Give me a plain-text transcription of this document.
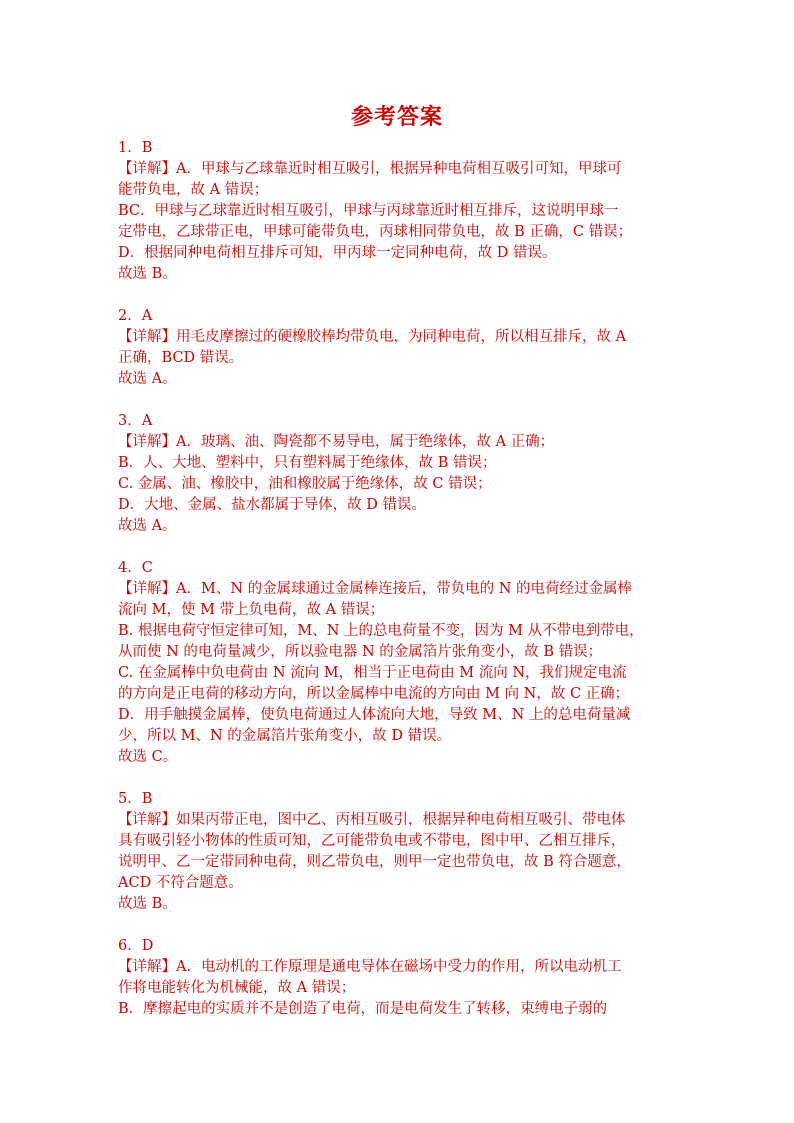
参考答案
1．B
【详解】A．甲球与乙球靠近时相互吸引，根据异种电荷相互吸引可知，甲球可
能带负电，故 A 错误；
BC．甲球与乙球靠近时相互吸引，甲球与丙球靠近时相互排斥，这说明甲球一
定带电，乙球带正电，甲球可能带负电，丙球相同带负电，故 B 正确，C 错误；
D．根据同种电荷相互排斥可知，甲丙球一定同种电荷，故 D 错误。
故选 B。
2．A
【详解】用毛皮摩擦过的硬橡胶棒均带负电，为同种电荷，所以相互排斥，故 A
正确，BCD 错误。
故选 A。
3．A
【详解】A．玻璃、油、陶瓷都不易导电，属于绝缘体，故 A 正确；
B．人、大地、塑料中，只有塑料属于绝缘体，故 B 错误；
C. 金属、油、橡胶中，油和橡胶属于绝缘体，故 C 错误；
D．大地、金属、盐水都属于导体，故 D 错误。
故选 A。
4．C
【详解】A．M、N 的金属球通过金属棒连接后，带负电的 N 的电荷经过金属棒
流向 M，使 M 带上负电荷，故 A 错误；
B. 根据电荷守恒定律可知，M、N 上的总电荷量不变，因为 M 从不带电到带电，
从而使 N 的电荷量减少，所以验电器 N 的金属箔片张角变小，故 B 错误；
C. 在金属棒中负电荷由 N 流向 M，相当于正电荷由 M 流向 N，我们规定电流
的方向是正电荷的移动方向，所以金属棒中电流的方向由 M 向 N，故 C 正确；
D．用手触摸金属棒，使负电荷通过人体流向大地，导致 M、N 上的总电荷量减
少，所以 M、N 的金属箔片张角变小，故 D 错误。
故选 C。
5．B
【详解】如果丙带正电，图中乙、丙相互吸引，根据异种电荷相互吸引、带电体
具有吸引轻小物体的性质可知，乙可能带负电或不带电，图中甲、乙相互排斥，
说明甲、乙一定带同种电荷，则乙带负电，则甲一定也带负电，故 B 符合题意，
ACD 不符合题意。
故选 B。
6．D
【详解】A．电动机的工作原理是通电导体在磁场中受力的作用，所以电动机工
作将电能转化为机械能，故 A 错误；
B．摩擦起电的实质并不是创造了电荷，而是电荷发生了转移，束缚电子弱的
